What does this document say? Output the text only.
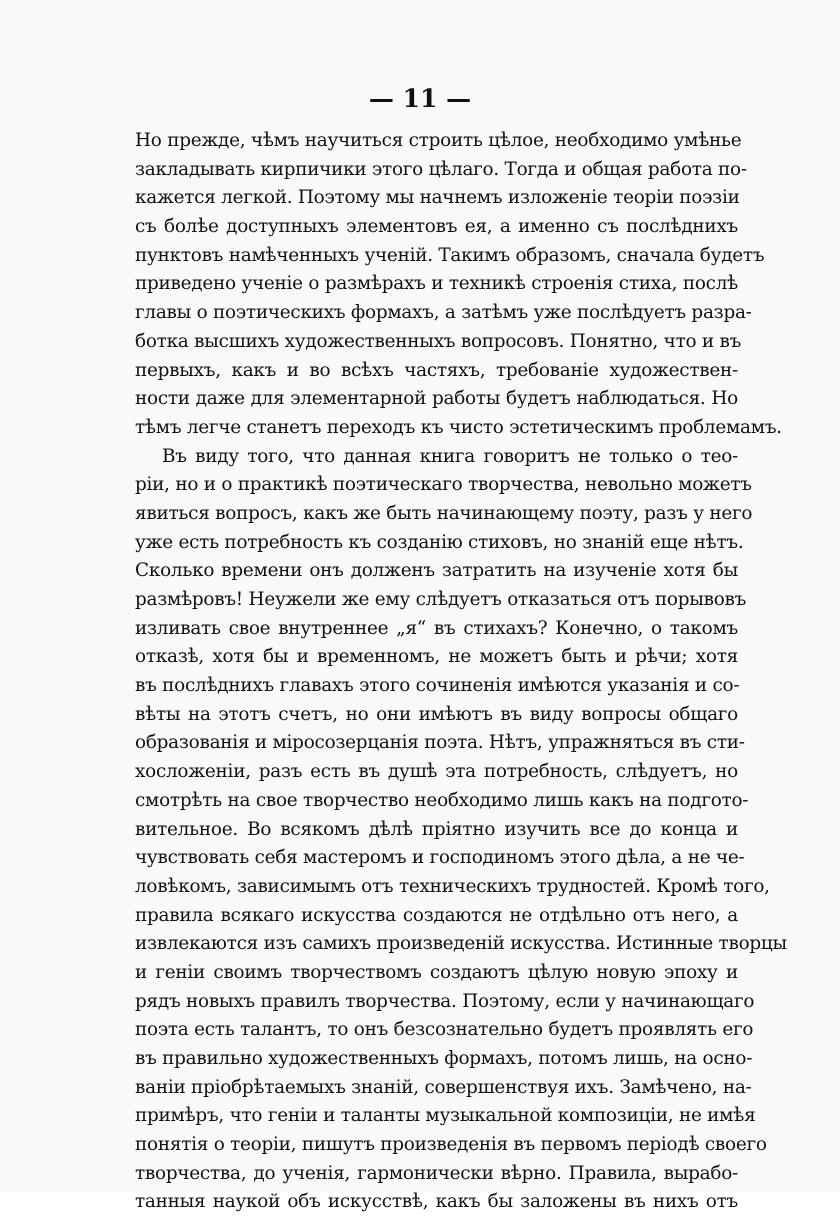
— 11 —

Но прежде, чѣмъ научиться строить цѣлое, необходимо умѣнье
закладывать кирпичики этого цѣлаго. Тогда и общая работа по-
кажется легкой. Поэтому мы начнемъ изложенiе теорiи поэзiи
съ болѣе доступныхъ элементовъ ея, а именно съ послѣднихъ
пунктовъ намѣченныхъ ученiй. Такимъ образомъ, сначала будетъ
приведено ученiе о размѣрахъ и техникѣ строенiя стиха, послѣ
главы о поэтическихъ формахъ, а затѣмъ уже послѣдуетъ разра-
ботка высшихъ художественныхъ вопросовъ. Понятно, что и въ
первыхъ, какъ и во всѣхъ частяхъ, требованiе художествен-
ности даже для элементарной работы будетъ наблюдаться. Но
тѣмъ легче станетъ переходъ къ чисто эстетическимъ проблемамъ.

Въ виду того, что данная книга говоритъ не только о тео-
рiи, но и о практикѣ поэтическаго творчества, невольно можетъ
явиться вопросъ, какъ же быть начинающему поэту, разъ у него
уже есть потребность къ созданiю стиховъ, но знанiй еще нѣтъ.
Сколько времени онъ долженъ затратить на изученiе хотя бы
размѣровъ! Неужели же ему слѣдуетъ отказаться отъ порывовъ
изливать свое внутреннее „я“ въ стихахъ? Конечно, о такомъ
отказѣ, хотя бы и временномъ, не можетъ быть и рѣчи; хотя
въ послѣднихъ главахъ этого сочиненiя имѣются указанiя и со-
вѣты на этотъ счетъ, но они имѣютъ въ виду вопросы общаго
образованiя и мiросозерцанiя поэта. Нѣтъ, упражняться въ сти-
хосложенiи, разъ есть въ душѣ эта потребность, слѣдуетъ, но
смотрѣть на свое творчество необходимо лишь какъ на подгото-
вительное. Во всякомъ дѣлѣ прiятно изучить все до конца и
чувствовать себя мастеромъ и господиномъ этого дѣла, а не че-
ловѣкомъ, зависимымъ отъ техническихъ трудностей. Кромѣ того,
правила всякаго искусства создаются не отдѣльно отъ него, а
извлекаются изъ самихъ произведенiй искусства. Истинные творцы
и генiи своимъ творчествомъ создаютъ цѣлую новую эпоху и
рядъ новыхъ правилъ творчества. Поэтому, если у начинающаго
поэта есть талантъ, то онъ безсознательно будетъ проявлять его
въ правильно художественныхъ формахъ, потомъ лишь, на осно-
ванiи прiобрѣтаемыхъ знанiй, совершенствуя ихъ. Замѣчено, на-
примѣръ, что генiи и таланты музыкальной композицiи, не имѣя
понятiя о теорiи, пишутъ произведенiя въ первомъ перiодѣ своего
творчества, до ученiя, гармонически вѣрно. Правила, вырабо-
танныя наукой объ искусствѣ, какъ бы заложены въ нихъ отъ
